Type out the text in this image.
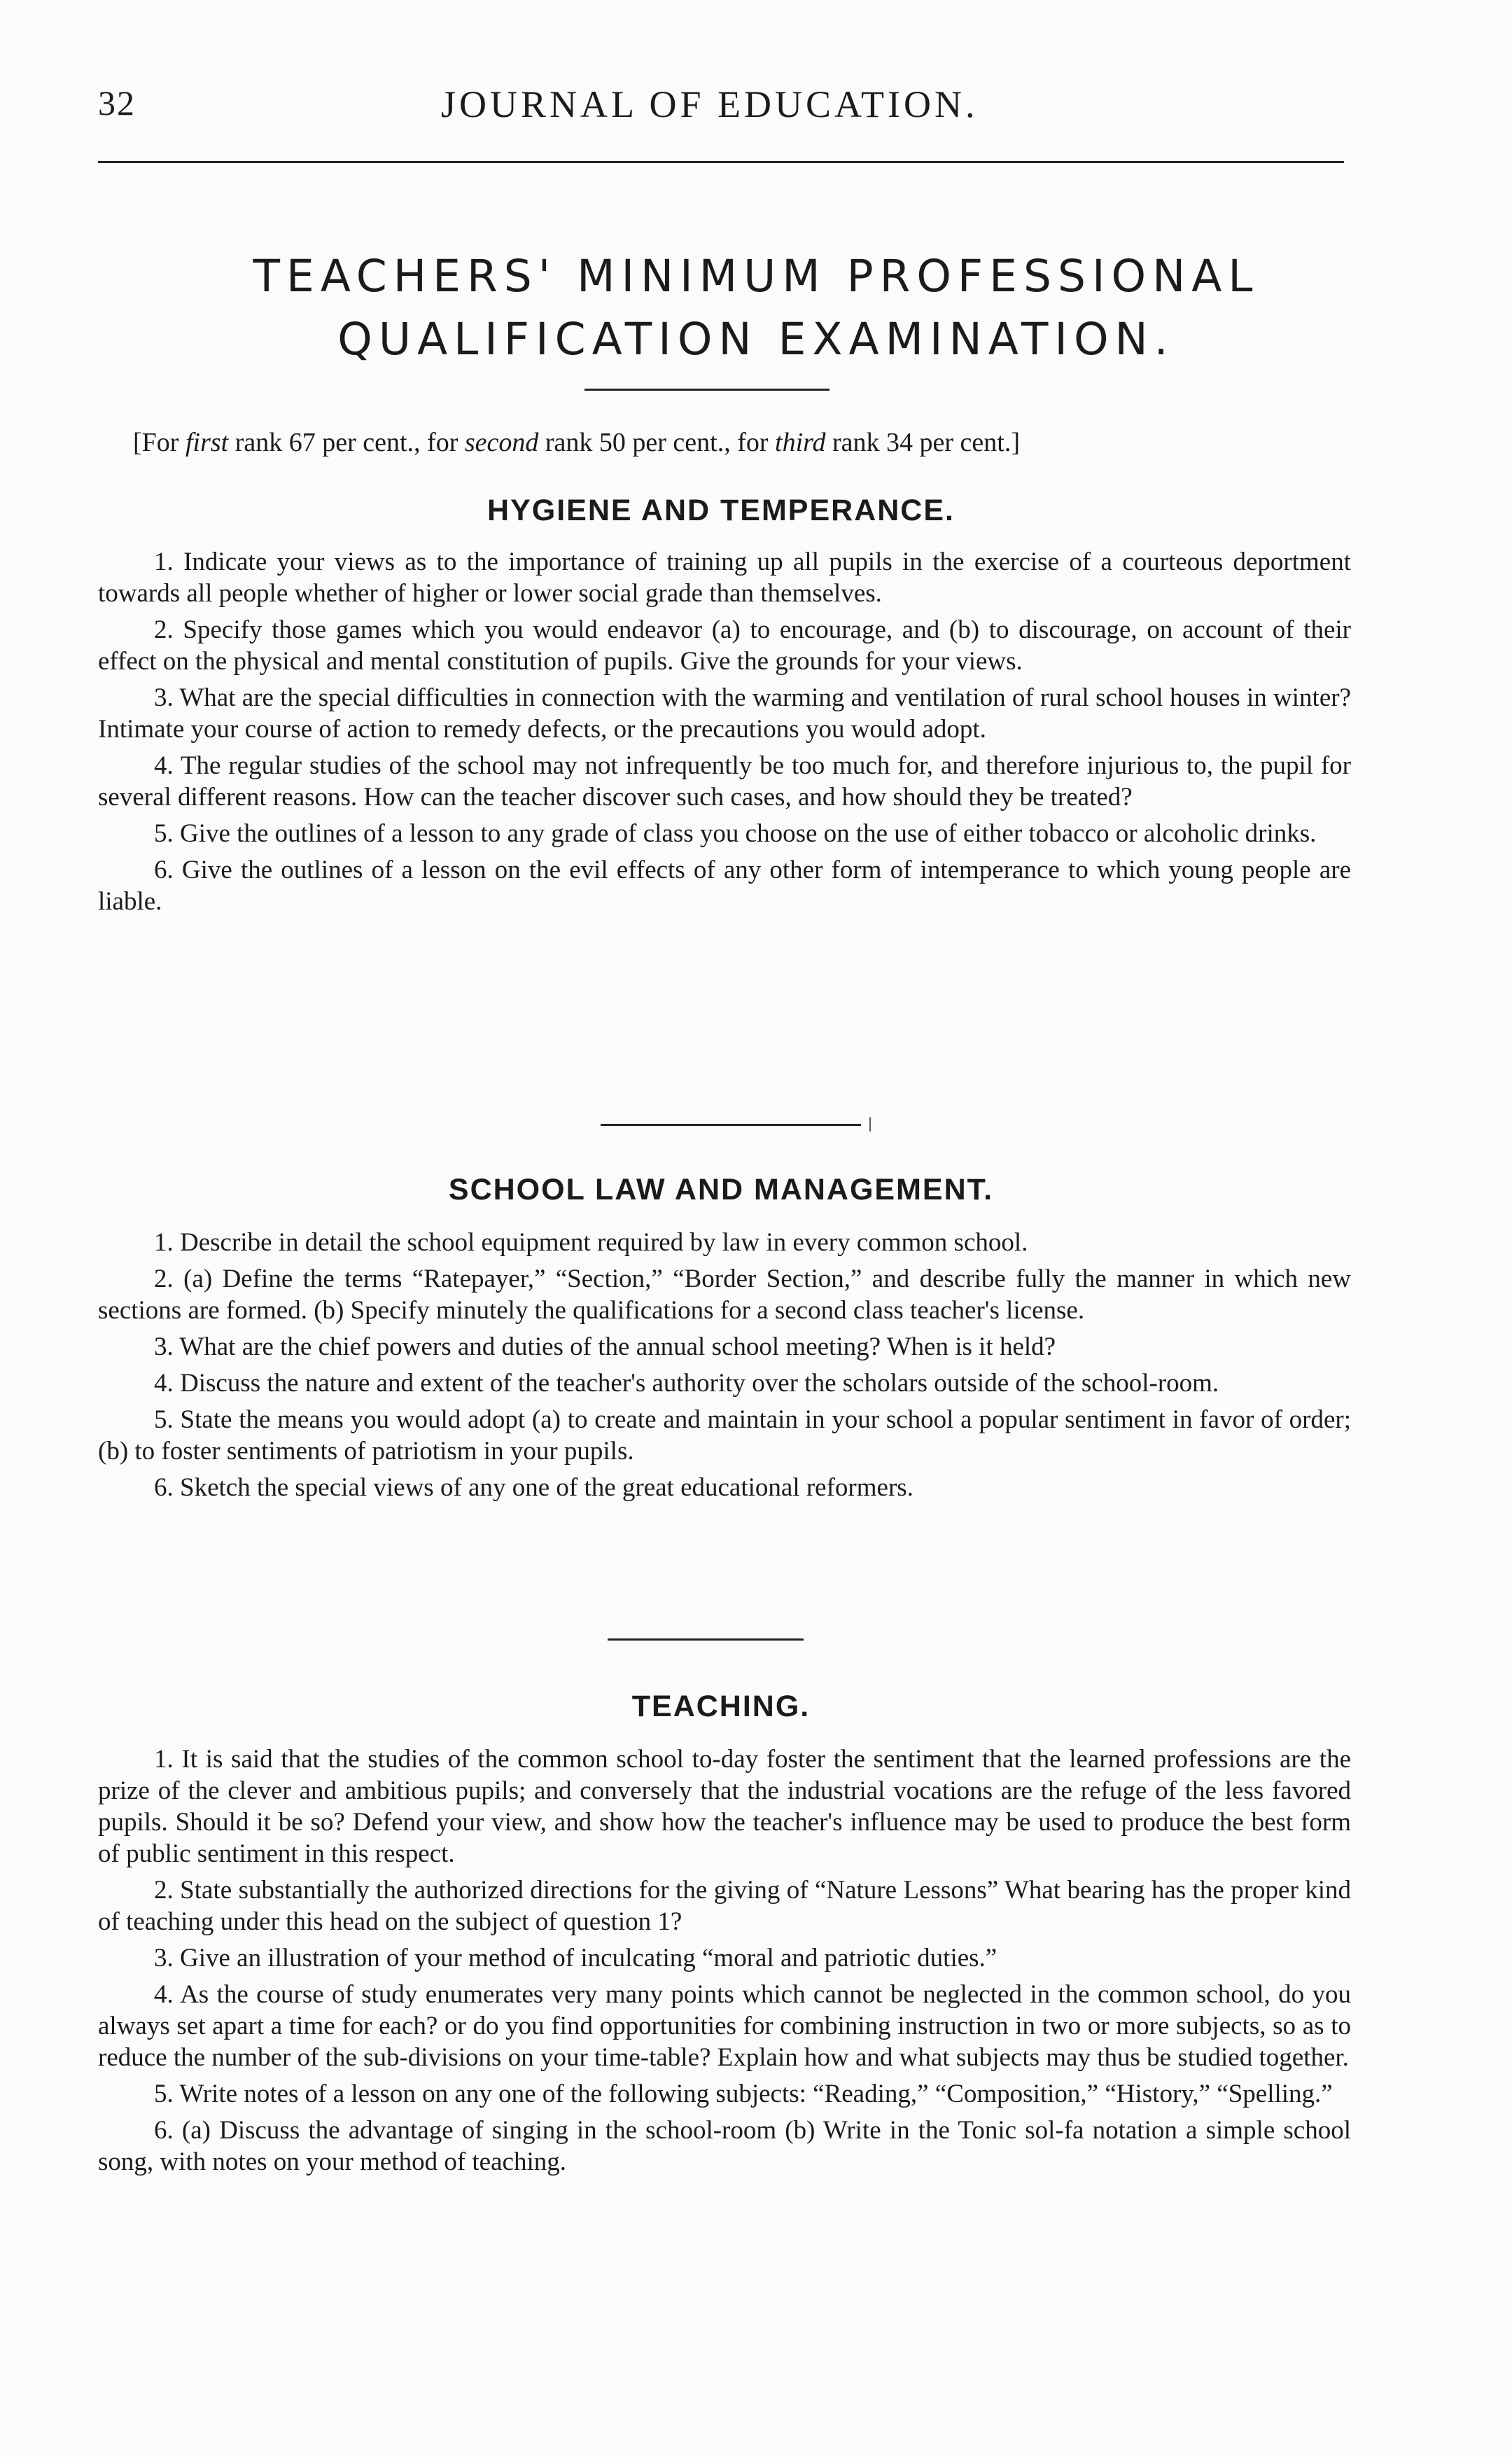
32	JOURNAL OF EDUCATION.
TEACHERS' MINIMUM PROFESSIONAL
QUALIFICATION EXAMINATION.
[For first rank 67 per cent., for second rank 50 per cent., for third rank 34 per cent.]
HYGIENE AND TEMPERANCE.

1. Indicate your views as to the importance of training up all pupils in the exercise of a courteous deportment towards all people whether of higher or lower social grade than themselves.

2. Specify those games which you would endeavor (a) to encourage, and (b) to discourage, on account of their effect on the physical and mental constitution of pupils. Give the grounds for your views.

3. What are the special difficulties in connection with the warming and ventilation of rural school houses in winter? Intimate your course of action to remedy defects, or the precautions you would adopt.

4. The regular studies of the school may not infrequently be too much for, and therefore injurious to, the pupil for several different reasons. How can the teacher discover such cases, and how should they be treated?

5. Give the outlines of a lesson to any grade of class you choose on the use of either tobacco or alcoholic drinks.

6. Give the outlines of a lesson on the evil effects of any other form of intemperance to which young people are liable.

ǀ
SCHOOL LAW AND MANAGEMENT.

1. Describe in detail the school equipment required by law in every common school.

2. (a) Define the terms “Ratepayer,” “Section,” “Border Section,” and describe fully the manner in which new sections are formed. (b) Specify minutely the qualifications for a second class teacher's license.

3. What are the chief powers and duties of the annual school meeting? When is it held?

4. Discuss the nature and extent of the teacher's authority over the scholars outside of the school-room.

5. State the means you would adopt (a) to create and maintain in your school a popular sentiment in favor of order; (b) to foster sentiments of patriotism in your pupils.

6. Sketch the special views of any one of the great educational reformers.

TEACHING.

1. It is said that the studies of the common school to-day foster the sentiment that the learned professions are the prize of the clever and ambitious pupils; and conversely that the industrial vocations are the refuge of the less favored pupils. Should it be so? Defend your view, and show how the teacher's influence may be used to produce the best form of public sentiment in this respect.

2. State substantially the authorized directions for the giving of “Nature Lessons” What bearing has the proper kind of teaching under this head on the subject of question 1?

3. Give an illustration of your method of inculcating “moral and patriotic duties.”

4. As the course of study enumerates very many points which cannot be neglected in the common school, do you always set apart a time for each? or do you find opportunities for combining instruction in two or more subjects, so as to reduce the number of the sub-divisions on your time-table? Explain how and what subjects may thus be studied together.

5. Write notes of a lesson on any one of the following subjects: “Reading,” “Composition,” “History,” “Spelling.”

6. (a) Discuss the advantage of singing in the school-room (b) Write in the Tonic sol-fa notation a simple school song, with notes on your method of teaching.
